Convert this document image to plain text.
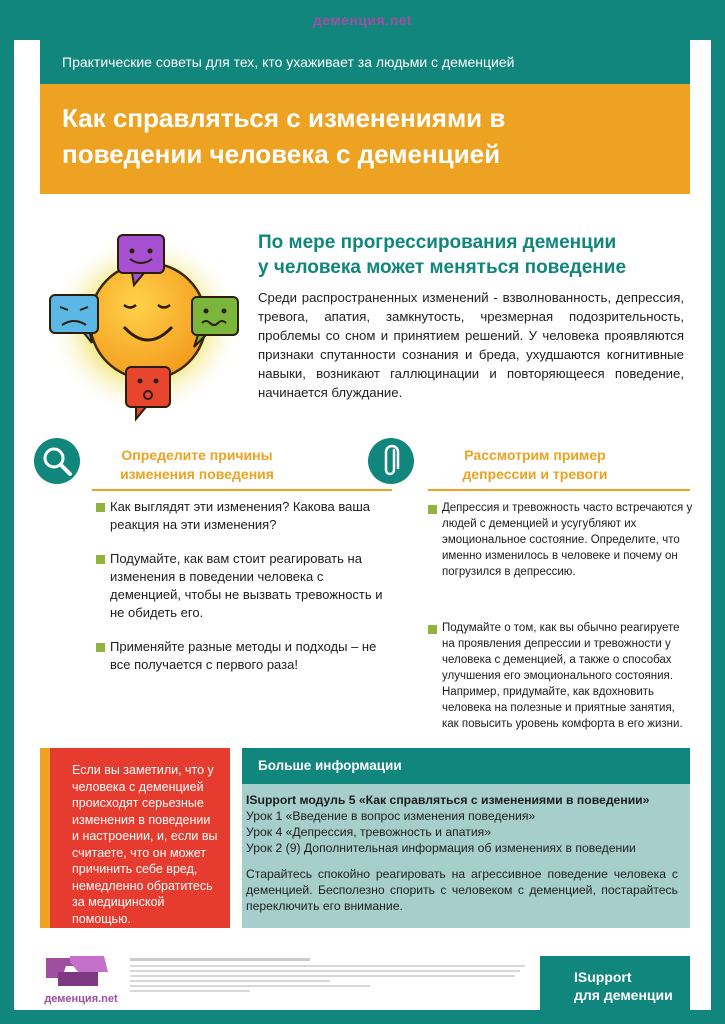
деменция.net
Практические советы для тех, кто ухаживает за людьми с деменцией
Как справляться с изменениями в
поведении человека с деменцией
По мере прогрессирования деменции
у человека может меняться поведение

Среди распространенных изменений - взволнованность, депрессия, тревога, апатия, замкнутость, чрезмерная подозрительность, проблемы со сном и принятием решений. У человека проявляются признаки спутанности сознания и бреда, ухудшаются когнитивные навыки, возникают галлюцинации и повторяющееся поведение, начинается блуждание.

Определите причины
изменения поведения
Как выглядят эти изменения? Какова ваша реакция на эти изменения?
Подумайте, как вам стоит реагировать на изменения в поведении человека с деменцией, чтобы не вызвать тревожность и не обидеть его.
Применяйте разные методы и подходы – не все получается с первого раза!
Рассмотрим пример
депрессии и тревоги
Депрессия и тревожность часто встречаются у людей с деменцией и усугубляют их эмоциональное состояние. Определите, что именно изменилось в человеке и почему он погрузился в депрессию.
Подумайте о том, как вы обычно реагируете на проявления депрессии и тревожности у человека с деменцией, а также о способах улучшения его эмоционального состояния. Например, придумайте, как вдохновить человека на полезные и приятные занятия, как повысить уровень комфорта в его жизни.
Если вы заметили, что у человека с деменцией происходят серьезные изменения в поведении и настроении, и, если вы считаете, что он может причинить себе вред, немедленно обратитесь за медицинской помощью.
Больше информации

ISupport модуль 5 «Как справляться с изменениями в поведении»

Урок 1 «Введение в вопрос изменения поведения»

Урок 4 «Депрессия, тревожность и апатия»

Урок 2 (9) Дополнительная информация об изменениях в поведении

Старайтесь спокойно реагировать на агрессивное поведение человека с деменцией. Бесполезно спорить с человеком с деменцией, постарайтесь переключить его внимание.

деменция.net
ISupport
для деменции
